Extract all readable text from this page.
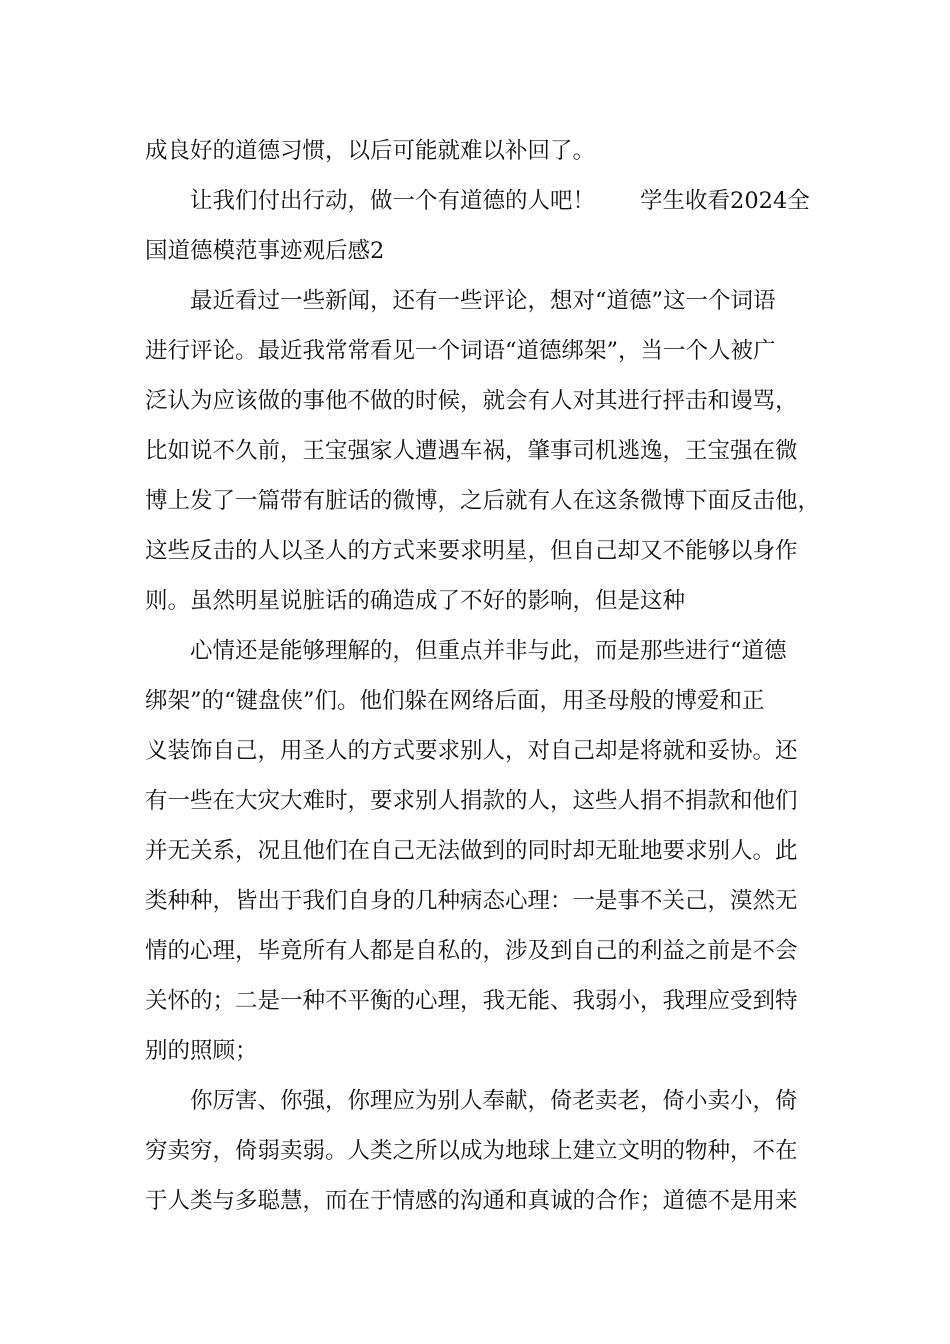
成良好的道德习惯，以后可能就难以补回了。

让我们付出行动，做一个有道德的人吧！　　学生收看2024全

国道德模范事迹观后感2

最近看过一些新闻，还有一些评论，想对“道德”这一个词语

进行评论。最近我常常看见一个词语“道德绑架”，当一个人被广

泛认为应该做的事他不做的时候，就会有人对其进行抨击和谩骂，

比如说不久前，王宝强家人遭遇车祸，肇事司机逃逸，王宝强在微

博上发了一篇带有脏话的微博，之后就有人在这条微博下面反击他，

这些反击的人以圣人的方式来要求明星，但自己却又不能够以身作

则。虽然明星说脏话的确造成了不好的影响，但是这种

心情还是能够理解的，但重点并非与此，而是那些进行“道德

绑架”的“键盘侠”们。他们躲在网络后面，用圣母般的博爱和正

义装饰自己，用圣人的方式要求别人，对自己却是将就和妥协。还

有一些在大灾大难时，要求别人捐款的人，这些人捐不捐款和他们

并无关系，况且他们在自己无法做到的同时却无耻地要求别人。此

类种种，皆出于我们自身的几种病态心理：一是事不关己，漠然无

情的心理，毕竟所有人都是自私的，涉及到自己的利益之前是不会

关怀的；二是一种不平衡的心理，我无能、我弱小，我理应受到特

别的照顾；

你厉害、你强，你理应为别人奉献，倚老卖老，倚小卖小，倚

穷卖穷，倚弱卖弱。人类之所以成为地球上建立文明的物种，不在

于人类与多聪慧，而在于情感的沟通和真诚的合作；道德不是用来
